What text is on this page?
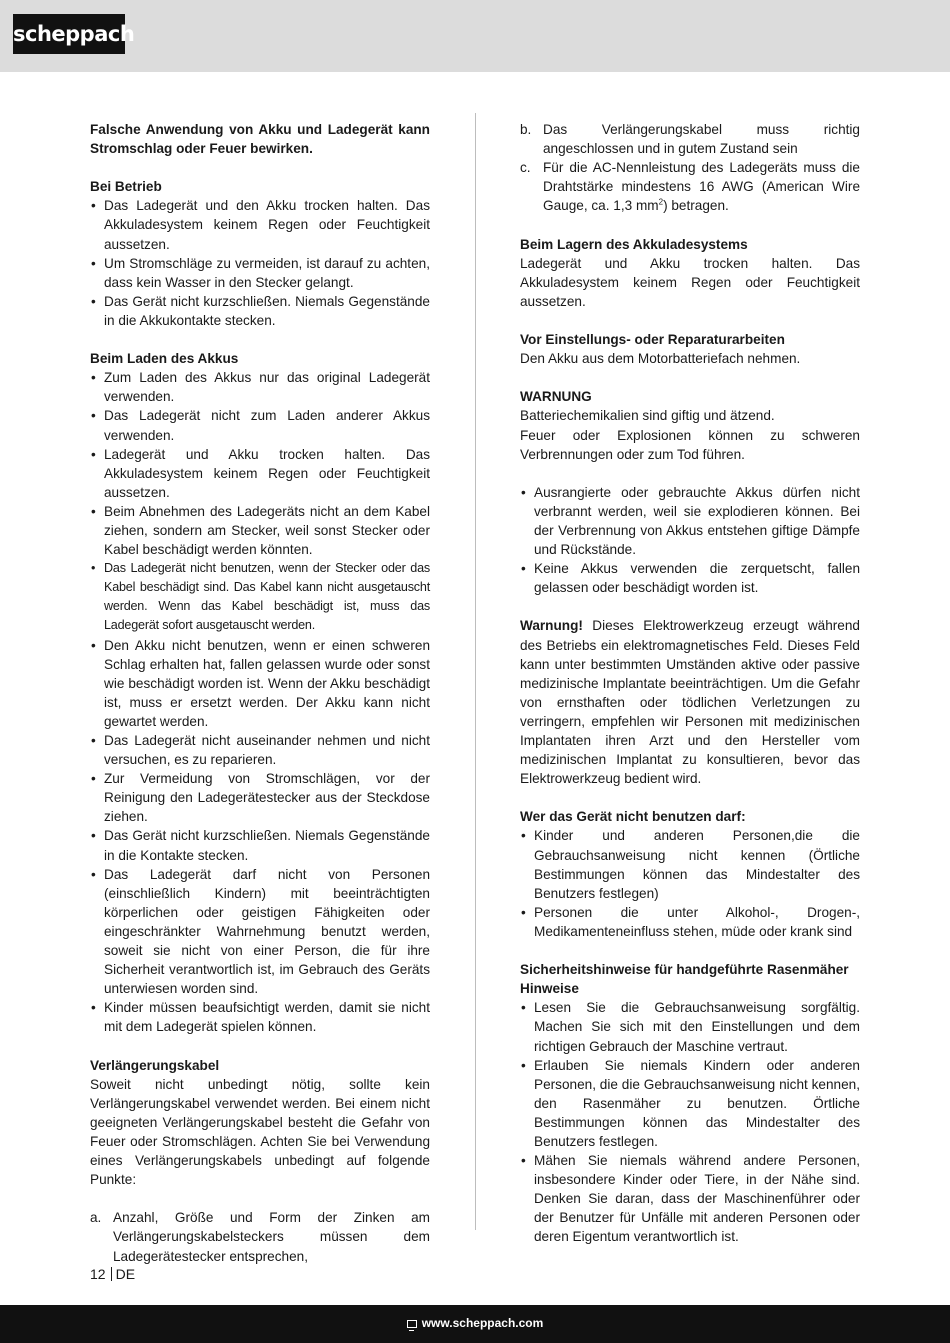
scheppach

Falsche Anwendung von Akku und Ladegerät kann Stromschlag oder Feuer bewirken.

Bei Betrieb

• Das Ladegerät und den Akku trocken halten. Das Akkuladesystem keinem Regen oder Feuchtigkeit aussetzen.
• Um Stromschläge zu vermeiden, ist darauf zu achten, dass kein Wasser in den Stecker gelangt.
• Das Gerät nicht kurzschließen. Niemals Gegenstände in die Akkukontakte stecken.

Beim Laden des Akkus

• Zum Laden des Akkus nur das original Ladegerät verwenden.
• Das Ladegerät nicht zum Laden anderer Akkus verwenden.
• Ladegerät und Akku trocken halten. Das Akkuladesystem keinem Regen oder Feuchtigkeit aussetzen.
• Beim Abnehmen des Ladegeräts nicht an dem Kabel ziehen, sondern am Stecker, weil sonst Stecker oder Kabel beschädigt werden könnten.
• Das Ladegerät nicht benutzen, wenn der Stecker oder das Kabel beschädigt sind. Das Kabel kann nicht ausgetauscht werden. Wenn das Kabel beschädigt ist, muss das Ladegerät sofort ausgetauscht werden.
• Den Akku nicht benutzen, wenn er einen schweren Schlag erhalten hat, fallen gelassen wurde oder sonst wie beschädigt worden ist. Wenn der Akku beschädigt ist, muss er ersetzt werden. Der Akku kann nicht gewartet werden.
• Das Ladegerät nicht auseinander nehmen und nicht versuchen, es zu reparieren.
• Zur Vermeidung von Stromschlägen, vor der Reinigung den Ladegerätestecker aus der Steckdose ziehen.
• Das Gerät nicht kurzschließen. Niemals Gegenstände in die Kontakte stecken.
• Das Ladegerät darf nicht von Personen (einschließlich Kindern) mit beeinträchtigten körperlichen oder geistigen Fähigkeiten oder eingeschränkter Wahrnehmung benutzt werden, soweit sie nicht von einer Person, die für ihre Sicherheit verantwortlich ist, im Gebrauch des Geräts unterwiesen worden sind.
• Kinder müssen beaufsichtigt werden, damit sie nicht mit dem Ladegerät spielen können.

Verlängerungskabel

Soweit nicht unbedingt nötig, sollte kein Verlängerungskabel verwendet werden. Bei einem nicht geeigneten Verlängerungskabel besteht die Gefahr von Feuer oder Stromschlägen. Achten Sie bei Verwendung eines Verlängerungskabels unbedingt auf folgende Punkte:

a. Anzahl, Größe und Form der Zinken am Verlängerungskabelsteckers müssen dem Ladegerätestecker entsprechen,
b. Das Verlängerungskabel muss richtig angeschlossen und in gutem Zustand sein
c. Für die AC-Nennleistung des Ladegeräts muss die Drahtstärke mindestens 16 AWG (American Wire Gauge, ca. 1,3 $mm^2$) betragen.

Beim Lagern des Akkuladesystems

Ladegerät und Akku trocken halten. Das Akkuladesystem keinem Regen oder Feuchtigkeit aussetzen.

Vor Einstellungs- oder Reparaturarbeiten

Den Akku aus dem Motorbatteriefach nehmen.

WARNUNG

Batteriechemikalien sind giftig und ätzend.

Feuer oder Explosionen können zu schweren Verbrennungen oder zum Tod führen.

• Ausrangierte oder gebrauchte Akkus dürfen nicht verbrannt werden, weil sie explodieren können. Bei der Verbrennung von Akkus entstehen giftige Dämpfe und Rückstände.
• Keine Akkus verwenden die zerquetscht, fallen gelassen oder beschädigt worden ist.

Warnung! Dieses Elektrowerkzeug erzeugt während des Betriebs ein elektromagnetisches Feld. Dieses Feld kann unter bestimmten Umständen aktive oder passive medizinische Implantate beeinträchtigen. Um die Gefahr von ernsthaften oder tödlichen Verletzungen zu verringern, empfehlen wir Personen mit medizinischen Implantaten ihren Arzt und den Hersteller vom medizinischen Implantat zu konsultieren, bevor das Elektrowerkzeug bedient wird.

Wer das Gerät nicht benutzen darf:

• Kinder und anderen Personen,die die Gebrauchsanweisung nicht kennen (Örtliche Bestimmungen können das Mindestalter des Benutzers festlegen)
• Personen die unter Alkohol-, Drogen-, Medikamenteneinfluss stehen, müde oder krank sind

Sicherheitshinweise für handgeführte Rasenmäher

Hinweise

• Lesen Sie die Gebrauchsanweisung sorgfältig. Machen Sie sich mit den Einstellungen und dem richtigen Gebrauch der Maschine vertraut.
• Erlauben Sie niemals Kindern oder anderen Personen, die die Gebrauchsanweisung nicht kennen, den Rasenmäher zu benutzen. Örtliche Bestimmungen können das Mindestalter des Benutzers festlegen.
• Mähen Sie niemals während andere Personen, insbesondere Kinder oder Tiere, in der Nähe sind. Denken Sie daran, dass der Maschinenführer oder der Benutzer für Unfälle mit anderen Personen oder deren Eigentum verantwortlich ist.
12 DE
www.scheppach.com
